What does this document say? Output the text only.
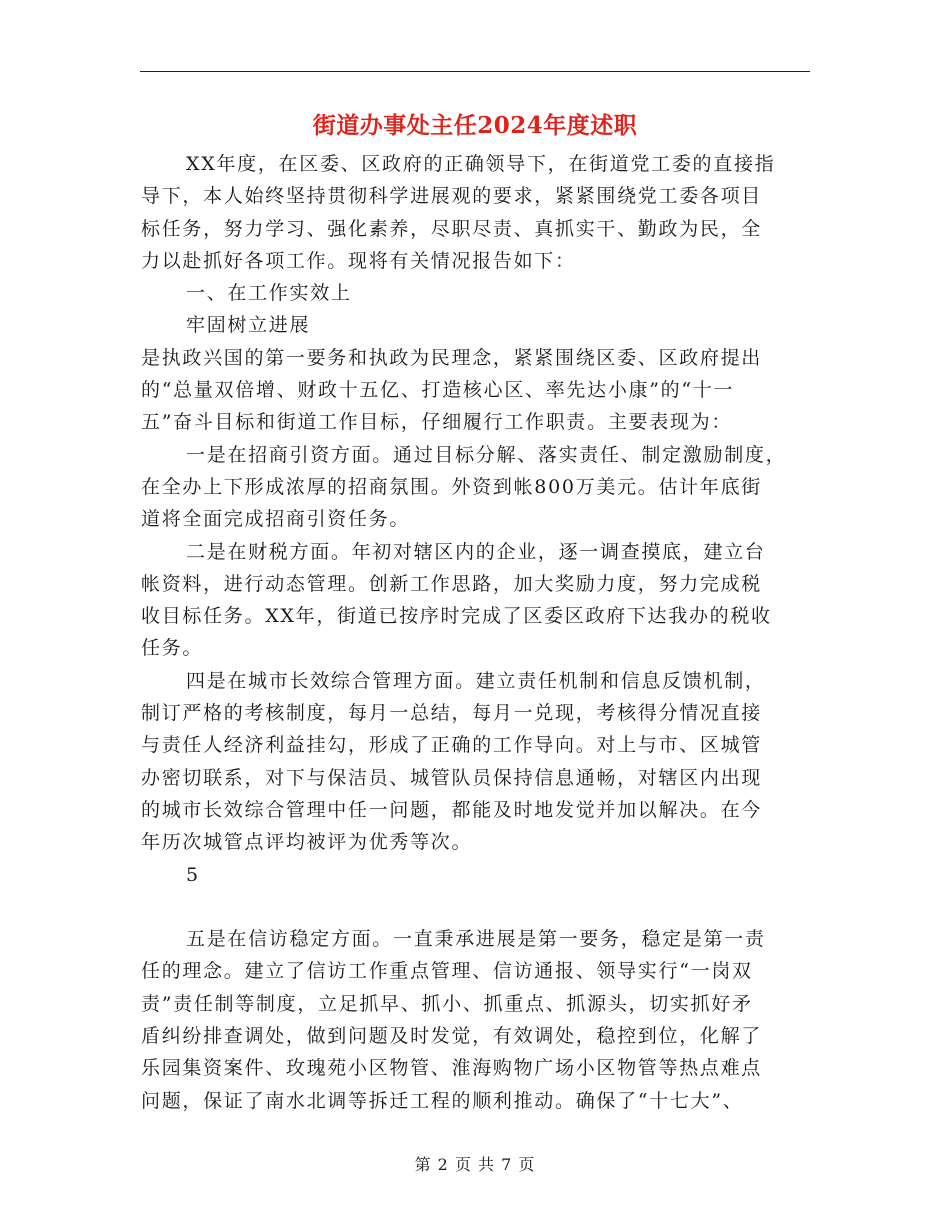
街道办事处主任2024年度述职
XX年度，在区委、区政府的正确领导下，在街道党工委的直接指
导下，本人始终坚持贯彻科学进展观的要求，紧紧围绕党工委各项目
标任务，努力学习、强化素养，尽职尽责、真抓实干、勤政为民，全
力以赴抓好各项工作。现将有关情况报告如下：
一、在工作实效上
牢固树立进展
是执政兴国的第一要务和执政为民理念，紧紧围绕区委、区政府提出
的“总量双倍增、财政十五亿、打造核心区、率先达小康”的“十一
五”奋斗目标和街道工作目标，仔细履行工作职责。主要表现为：
一是在招商引资方面。通过目标分解、落实责任、制定激励制度，
在全办上下形成浓厚的招商氛围。外资到帐800万美元。估计年底街
道将全面完成招商引资任务。
二是在财税方面。年初对辖区内的企业，逐一调查摸底，建立台
帐资料，进行动态管理。创新工作思路，加大奖励力度，努力完成税
收目标任务。XX年，街道已按序时完成了区委区政府下达我办的税收
任务。
四是在城市长效综合管理方面。建立责任机制和信息反馈机制，
制订严格的考核制度，每月一总结，每月一兑现，考核得分情况直接
与责任人经济利益挂勾，形成了正确的工作导向。对上与市、区城管
办密切联系，对下与保洁员、城管队员保持信息通畅，对辖区内出现
的城市长效综合管理中任一问题，都能及时地发觉并加以解决。在今
年历次城管点评均被评为优秀等次。
5
五是在信访稳定方面。一直秉承进展是第一要务，稳定是第一责
任的理念。建立了信访工作重点管理、信访通报、领导实行“一岗双
责”责任制等制度，立足抓早、抓小、抓重点、抓源头，切实抓好矛
盾纠纷排查调处，做到问题及时发觉，有效调处，稳控到位，化解了
乐园集资案件、玫瑰苑小区物管、淮海购物广场小区物管等热点难点
问题，保证了南水北调等拆迁工程的顺利推动。确保了“十七大”、
第 2 页 共 7 页
